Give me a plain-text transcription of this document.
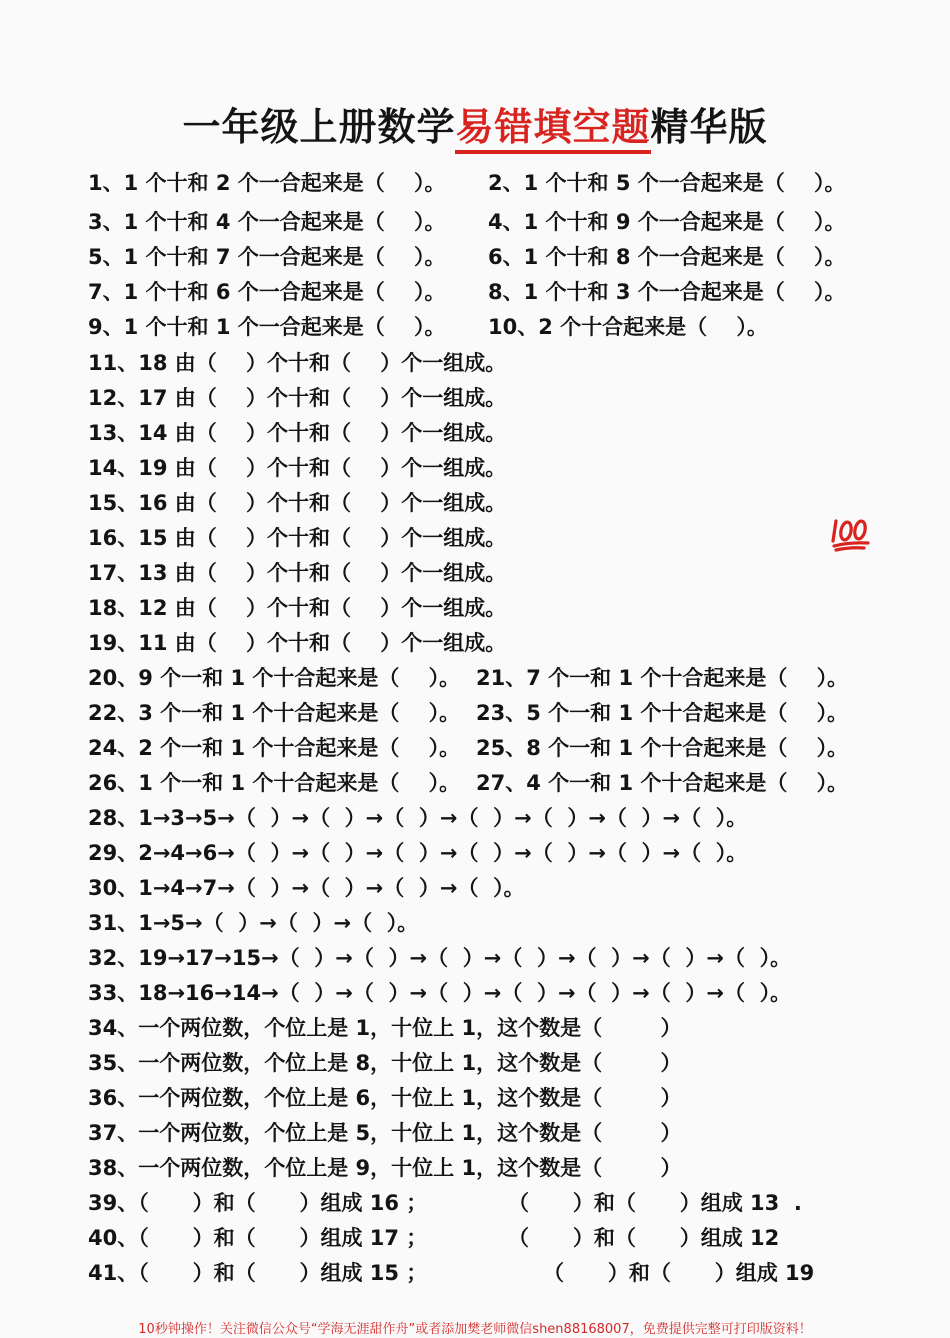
一年级上册数学易错填空题精华版
1、1 个十和 2 个一合起来是（    ）。 2、1 个十和 5 个一合起来是（    ）。
3、1 个十和 4 个一合起来是（    ）。 4、1 个十和 9 个一合起来是（    ）。
5、1 个十和 7 个一合起来是（    ）。 6、1 个十和 8 个一合起来是（    ）。
7、1 个十和 6 个一合起来是（    ）。 8、1 个十和 3 个一合起来是（    ）。
9、1 个十和 1 个一合起来是（    ）。 10、2 个十合起来是（    ）。
11、18 由（    ）个十和（    ）个一组成。
12、17 由（    ）个十和（    ）个一组成。
13、14 由（    ）个十和（    ）个一组成。
14、19 由（    ）个十和（    ）个一组成。
15、16 由（    ）个十和（    ）个一组成。
16、15 由（    ）个十和（    ）个一组成。
17、13 由（    ）个十和（    ）个一组成。
18、12 由（    ）个十和（    ）个一组成。
19、11 由（    ）个十和（    ）个一组成。
20、9 个一和 1 个十合起来是（    ）。 21、7 个一和 1 个十合起来是（    ）。
22、3 个一和 1 个十合起来是（    ）。 23、5 个一和 1 个十合起来是（    ）。
24、2 个一和 1 个十合起来是（    ）。 25、8 个一和 1 个十合起来是（    ）。
26、1 个一和 1 个十合起来是（    ）。 27、4 个一和 1 个十合起来是（    ）。
28、1→3→5→（  ）→（  ）→（  ）→（  ）→（  ）→（  ）→（  ）。
29、2→4→6→（  ）→（  ）→（  ）→（  ）→（  ）→（  ）→（  ）。
30、1→4→7→（  ）→（  ）→（  ）→（  ）。
31、1→5→（  ）→（  ）→（  ）。
32、19→17→15→（  ）→（  ）→（  ）→（  ）→（  ）→（  ）→（  ）。
33、18→16→14→（  ）→（  ）→（  ）→（  ）→（  ）→（  ）→（  ）。
34、一个两位数，个位上是 1，十位上 1，这个数是（        ）
35、一个两位数，个位上是 8，十位上 1，这个数是（        ）
36、一个两位数，个位上是 6，十位上 1，这个数是（        ）
37、一个两位数，个位上是 5，十位上 1，这个数是（        ）
38、一个两位数，个位上是 9，十位上 1，这个数是（        ）
39、（      ）和（      ）组成 16 ；	（      ）和（      ）组成 13  .
40、（      ）和（      ）组成 17 ；	（      ）和（      ）组成 12
41、（      ）和（      ）组成 15 ；	（      ）和（      ）组成 19
10秒钟操作！关注微信公众号“学海无涯甜作舟”或者添加樊老师微信shen88168007，免费提供完整可打印版资料！
